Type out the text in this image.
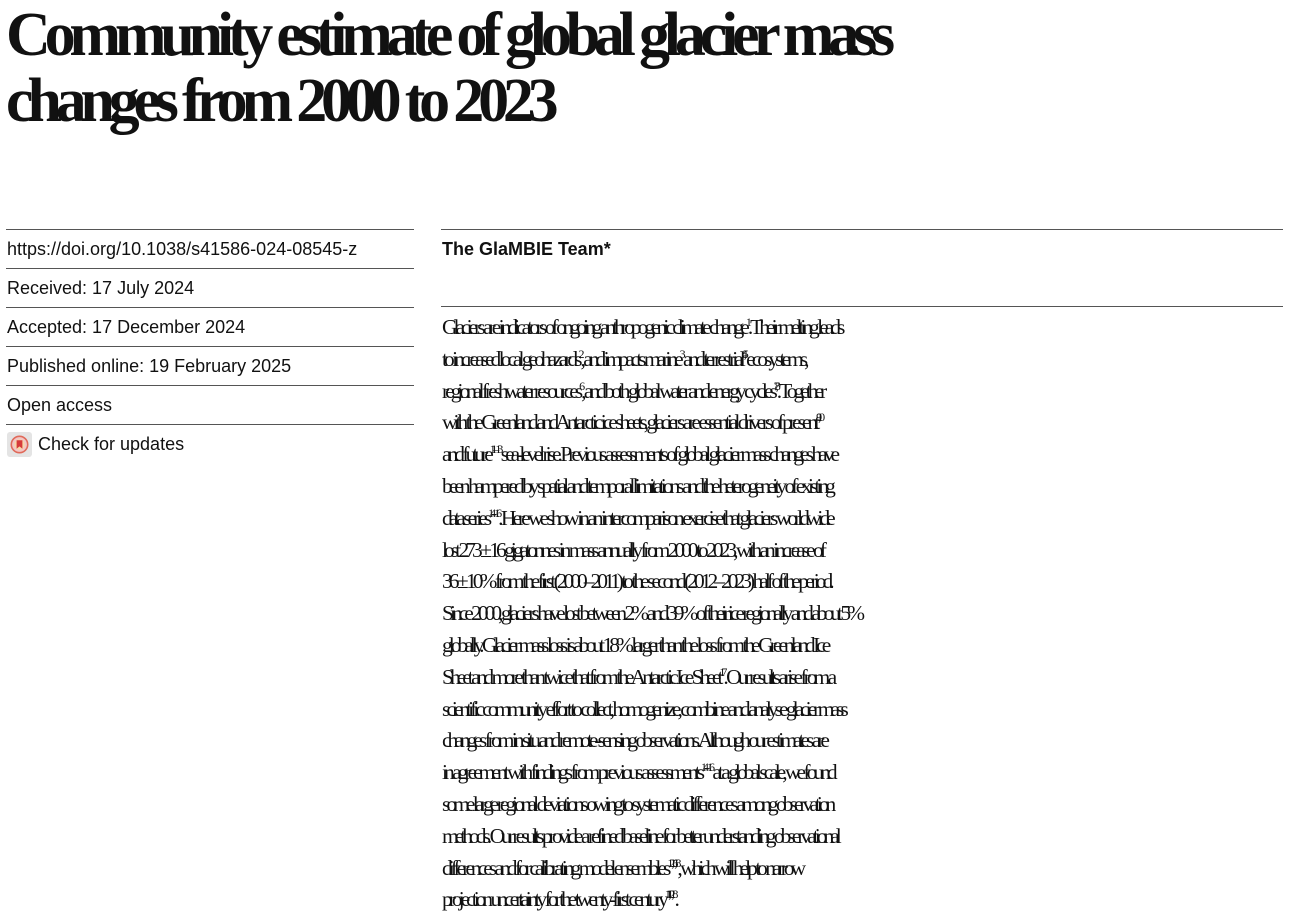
Community estimate of global glacier mass
changes from 2000 to 2023
https://doi.org/10.1038/s41586-024-08545-z
Received: 17 July 2024
Accepted: 17 December 2024
Published online: 19 February 2025
Open access
Check for updates
The GlaMBIE Team*
Glaciers are indicators of ongoing anthropogenic climate change$^1$. Their melting leads
to increased local geohazards$^2$, and impacts marine$^3$ and terrestrial$^{4,5}$ ecosystems,
regional freshwater resources$^6$, and both global water and energy cycles$^{7,8}$. Together
with the Greenland and Antarctic ice sheets, glaciers are essential drivers of present$^{9,10}$
and future$^{11-13}$ sea-level rise. Previous assessments of global glacier mass changes have
been hampered by spatial and temporal limitations and the heterogeneity of existing
data series$^{14-16}$. Here we show in an intercomparison exercise that glaciers worldwide
lost 273 ± 16 gigatonnes in mass annually from 2000 to 2023, with an increase of
36 ± 10% from the first (2000–2011) to the second (2012–2023) half of the period.
Since 2000, glaciers have lost between 2% and 39% of their ice regionally and about 5%
globally. Glacier mass loss is about 18% larger than the loss from the Greenland Ice
Sheet and more than twice that from the Antarctic Ice Sheet$^{17}$. Our results arise from a
scientific community effort to collect, homogenize, combine and analyse glacier mass
changes from in situ and remote-sensing observations. Although our estimates are
in agreement with findings from previous assessments$^{14-16}$ at a global scale, we found
some large regional deviations owing to systematic differences among observation
methods. Our results provide a refined baseline for better understanding observational
differences and for calibrating model ensembles$^{12,16,18}$, which will help to narrow
projection uncertainty for the twenty-first century$^{11,12,18}$.
